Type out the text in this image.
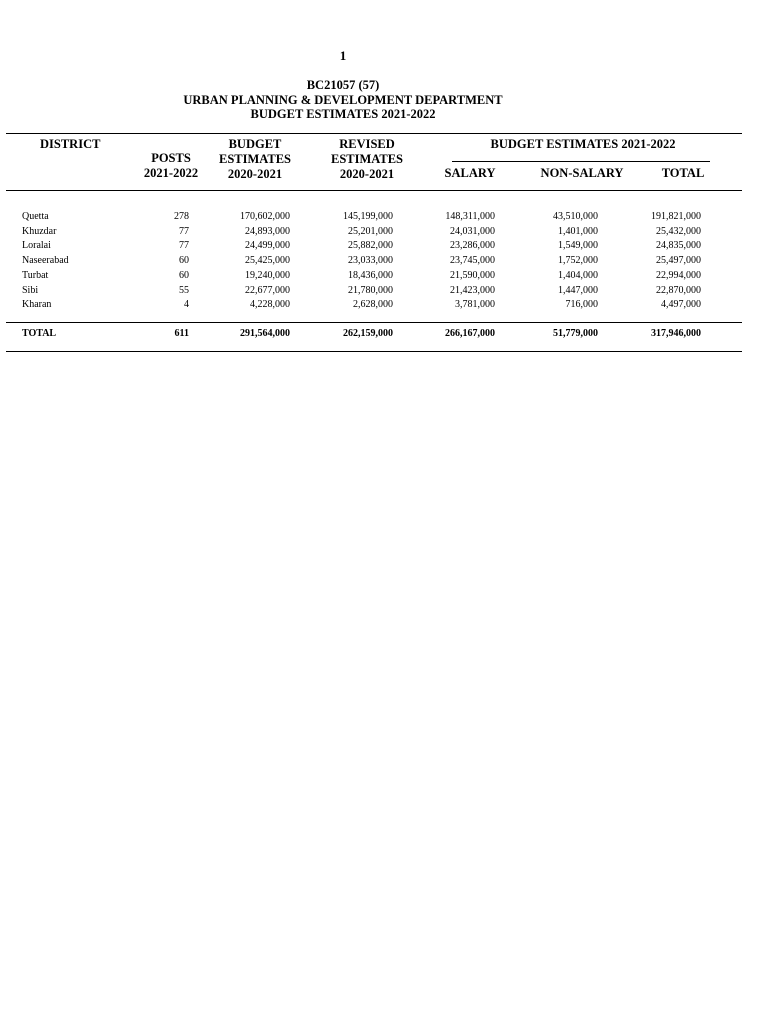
1
BC21057 (57)
URBAN PLANNING & DEVELOPMENT DEPARTMENT
BUDGET ESTIMATES 2021-2022
DISTRICT
POSTS
2021-2022
BUDGET
ESTIMATES
2020-2021
REVISED
ESTIMATES
2020-2021
BUDGET ESTIMATES 2021-2022
SALARY	NON-SALARY	TOTAL
Quetta	278	170,602,000	145,199,000	148,311,000	43,510,000	191,821,000
Khuzdar	77	24,893,000	25,201,000	24,031,000	1,401,000	25,432,000
Loralai	77	24,499,000	25,882,000	23,286,000	1,549,000	24,835,000
Naseerabad	60	25,425,000	23,033,000	23,745,000	1,752,000	25,497,000
Turbat	60	19,240,000	18,436,000	21,590,000	1,404,000	22,994,000
Sibi	55	22,677,000	21,780,000	21,423,000	1,447,000	22,870,000
Kharan	4	4,228,000	2,628,000	3,781,000	716,000	4,497,000
TOTAL	611	291,564,000	262,159,000	266,167,000	51,779,000	317,946,000
